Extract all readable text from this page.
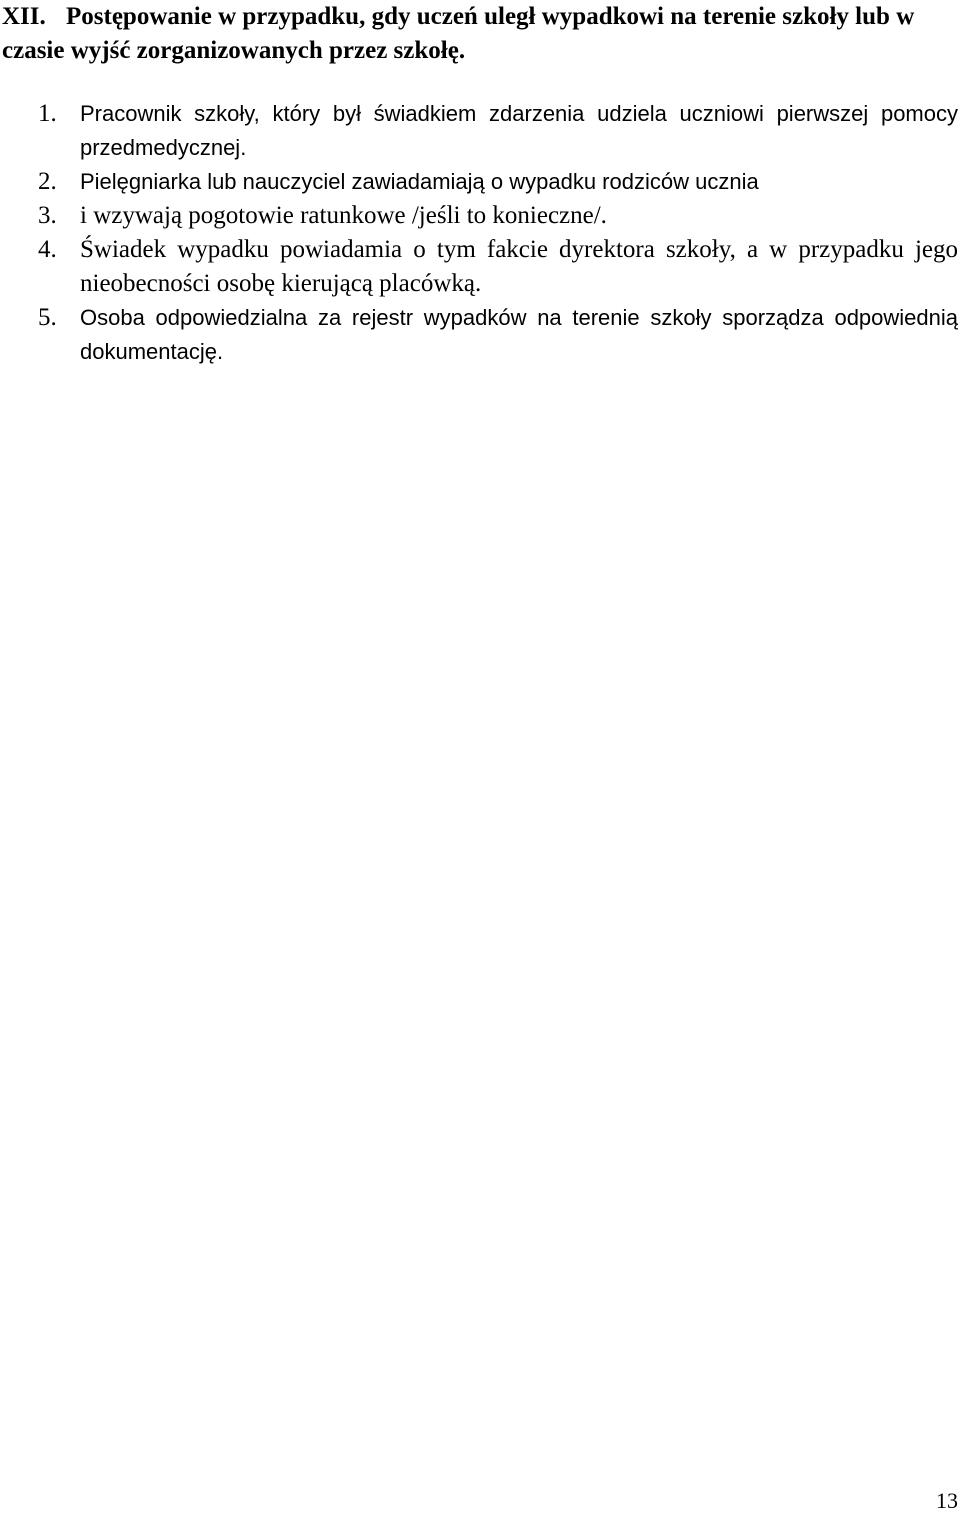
XII. Postępowanie w przypadku, gdy uczeń uległ wypadkowi na terenie szkoły lub w czasie wyjść zorganizowanych przez szkołę.
1.	Pracownik szkoły, który był świadkiem zdarzenia udziela uczniowi pierwszej pomocy przedmedycznej.
2.	Pielęgniarka lub nauczyciel zawiadamiają o wypadku rodziców ucznia
3. i wzywają pogotowie ratunkowe /jeśli to konieczne/.
4. Świadek wypadku powiadamia o tym fakcie dyrektora szkoły, a w przypadku jego nieobecności osobę kierującą placówką.
5.	Osoba odpowiedzialna za rejestr wypadków na terenie szkoły sporządza odpowiednią dokumentację.
13
